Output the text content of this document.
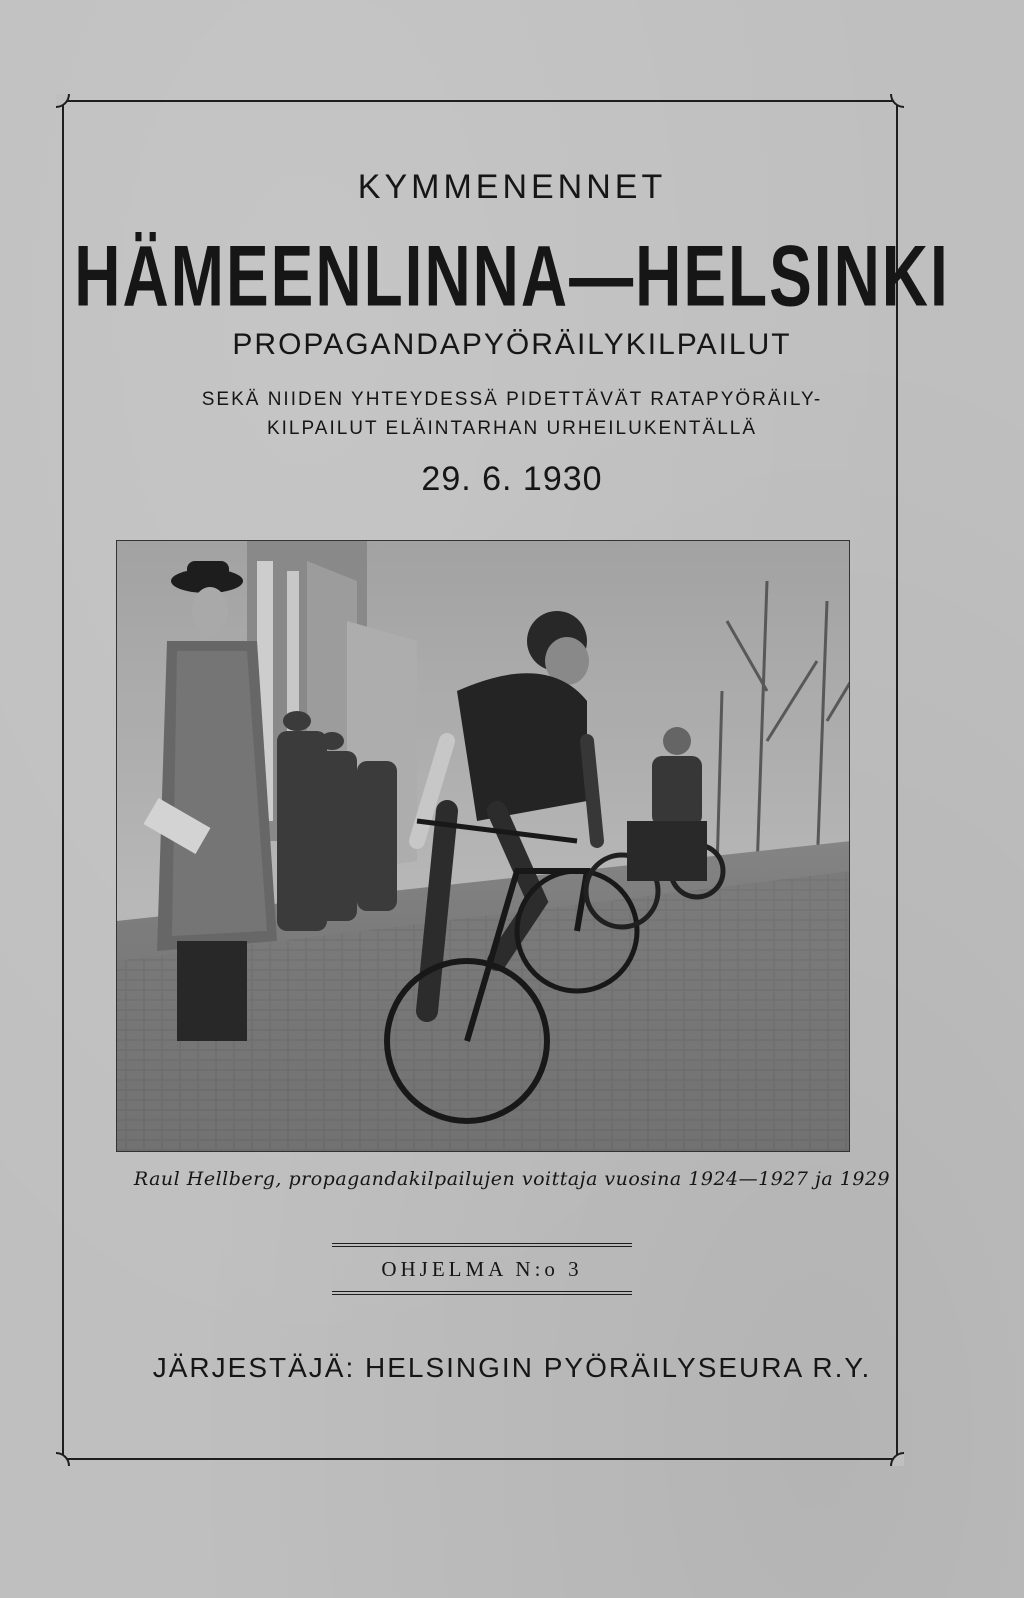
KYMMENENNET
HÄMEENLINNA—HELSINKI
PROPAGANDAPYÖRÄILYKILPAILUT
SEKÄ NIIDEN YHTEYDESSÄ PIDETTÄVÄT RATAPYÖRÄILY-
KILPAILUT ELÄINTARHAN URHEILUKENTÄLLÄ
29. 6. 1930
Raul Hellberg, propagandakilpailujen voittaja vuosina 1924—1927 ja 1929
OHJELMA N:o 3
JÄRJESTÄJÄ: HELSINGIN PYÖRÄILYSEURA R.Y.
